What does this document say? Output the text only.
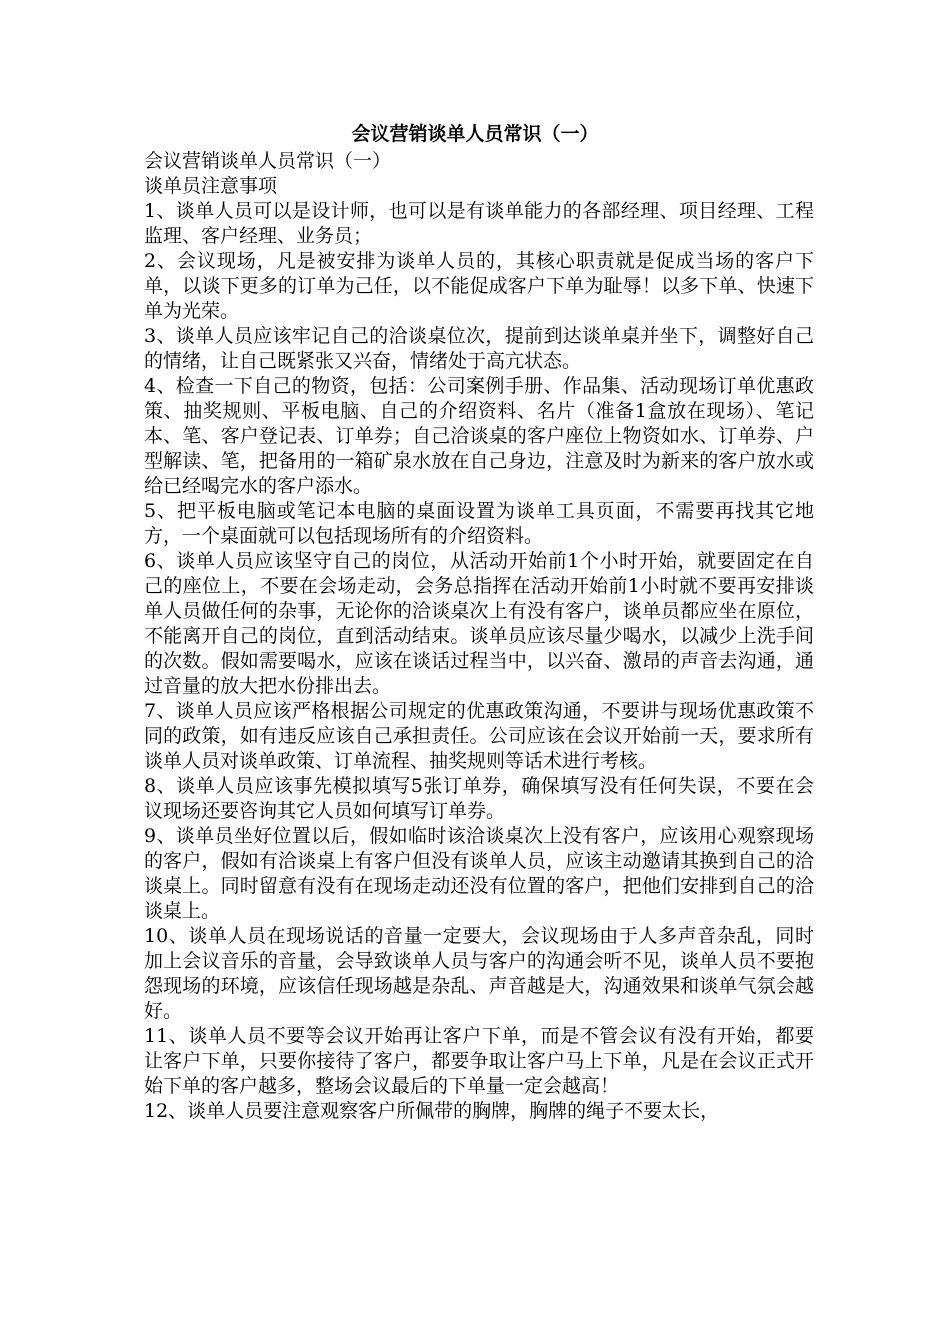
会议营销谈单人员常识（一）

会议营销谈单人员常识（一）

谈单员注意事项

1、谈单人员可以是设计师，也可以是有谈单能力的各部经理、项目经理、工程监理、客户经理、业务员；

2、会议现场，凡是被安排为谈单人员的，其核心职责就是促成当场的客户下单，以谈下更多的订单为己任，以不能促成客户下单为耻辱！以多下单、快速下单为光荣。

3、谈单人员应该牢记自己的洽谈桌位次，提前到达谈单桌并坐下，调整好自己的情绪，让自己既紧张又兴奋，情绪处于高亢状态。

4、检查一下自己的物资，包括：公司案例手册、作品集、活动现场订单优惠政策、抽奖规则、平板电脑、自己的介绍资料、名片（准备1盒放在现场）、笔记本、笔、客户登记表、订单券；自己洽谈桌的客户座位上物资如水、订单券、户型解读、笔，把备用的一箱矿泉水放在自己身边，注意及时为新来的客户放水或给已经喝完水的客户添水。

5、把平板电脑或笔记本电脑的桌面设置为谈单工具页面，不需要再找其它地方，一个桌面就可以包括现场所有的介绍资料。

6、谈单人员应该坚守自己的岗位，从活动开始前1个小时开始，就要固定在自己的座位上，不要在会场走动，会务总指挥在活动开始前1小时就不要再安排谈单人员做任何的杂事，无论你的洽谈桌次上有没有客户，谈单员都应坐在原位，不能离开自己的岗位，直到活动结束。谈单员应该尽量少喝水，以减少上洗手间的次数。假如需要喝水，应该在谈话过程当中，以兴奋、激昂的声音去沟通，通过音量的放大把水份排出去。

7、谈单人员应该严格根据公司规定的优惠政策沟通，不要讲与现场优惠政策不同的政策，如有违反应该自己承担责任。公司应该在会议开始前一天，要求所有谈单人员对谈单政策、订单流程、抽奖规则等话术进行考核。

8、谈单人员应该事先模拟填写5张订单券，确保填写没有任何失误，不要在会议现场还要咨询其它人员如何填写订单券。

9、谈单员坐好位置以后，假如临时该洽谈桌次上没有客户，应该用心观察现场的客户，假如有洽谈桌上有客户但没有谈单人员，应该主动邀请其换到自己的洽谈桌上。同时留意有没有在现场走动还没有位置的客户，把他们安排到自己的洽谈桌上。

10、谈单人员在现场说话的音量一定要大，会议现场由于人多声音杂乱，同时加上会议音乐的音量，会导致谈单人员与客户的沟通会听不见，谈单人员不要抱怨现场的环境，应该信任现场越是杂乱、声音越是大，沟通效果和谈单气氛会越好。

11、谈单人员不要等会议开始再让客户下单，而是不管会议有没有开始，都要让客户下单，只要你接待了客户，都要争取让客户马上下单，凡是在会议正式开始下单的客户越多，整场会议最后的下单量一定会越高！

12、谈单人员要注意观察客户所佩带的胸牌，胸牌的绳子不要太长，
